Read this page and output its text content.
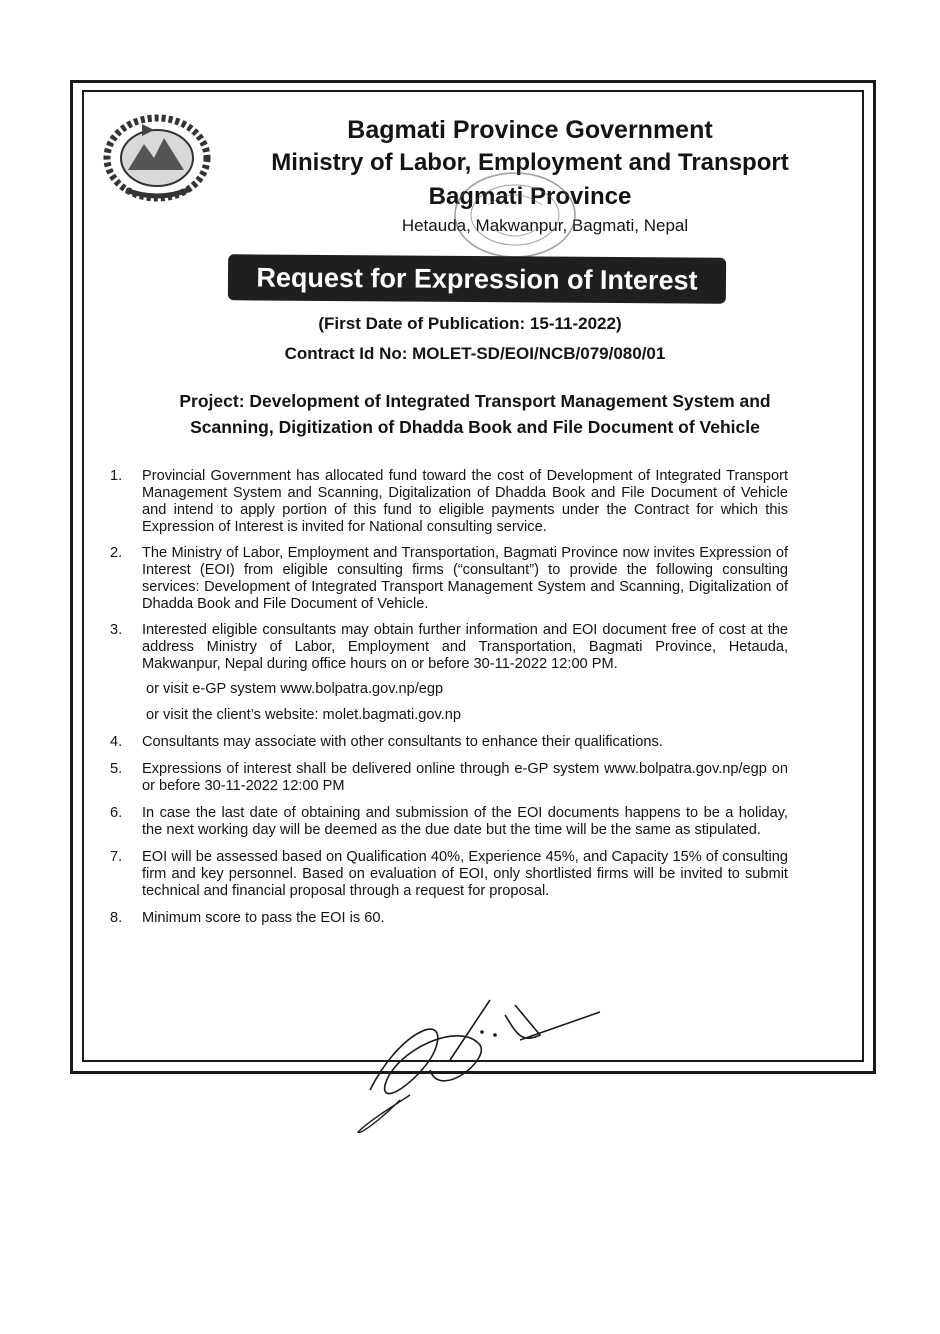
Bagmati Province Government
Ministry of Labor, Employment and Transport
Bagmati Province
Hetauda, Makwanpur, Bagmati, Nepal
Request for Expression of Interest
(First Date of Publication: 15-11-2022)
Contract Id No: MOLET-SD/EOI/NCB/079/080/01
Project: Development of Integrated Transport Management System and Scanning, Digitization of Dhadda Book and File Document of Vehicle
1.	Provincial Government has allocated fund toward the cost of Development of Integrated Transport Management System and Scanning, Digitalization of Dhadda Book and File Document of Vehicle and intend to apply portion of this fund to eligible payments under the Contract for which this Expression of Interest is invited for National consulting service.
2.	The Ministry of Labor, Employment and Transportation, Bagmati Province now invites Expression of Interest (EOI) from eligible consulting firms (“consultant”) to provide the following consulting services: Development of Integrated Transport Management System and Scanning, Digitalization of Dhadda Book and File Document of Vehicle.
3.	Interested eligible consultants may obtain further information and EOI document free of cost at the address Ministry of Labor, Employment and Transportation, Bagmati Province, Hetauda, Makwanpur, Nepal during office hours on or before 30-11-2022 12:00 PM.
or visit e-GP system www.bolpatra.gov.np/egp
or visit the client’s website: molet.bagmati.gov.np
4.	Consultants may associate with other consultants to enhance their qualifications.
5.	Expressions of interest shall be delivered online through e-GP system www.bolpatra.gov.np/egp on or before 30-11-2022 12:00 PM
6.	In case the last date of obtaining and submission of the EOI documents happens to be a holiday, the next working day will be deemed as the due date but the time will be the same as stipulated.
7.	EOI will be assessed based on Qualification 40%, Experience 45%, and Capacity 15% of consulting firm and key personnel. Based on evaluation of EOI, only shortlisted firms will be invited to submit technical and financial proposal through a request for proposal.
8.	Minimum score to pass the EOI is 60.
